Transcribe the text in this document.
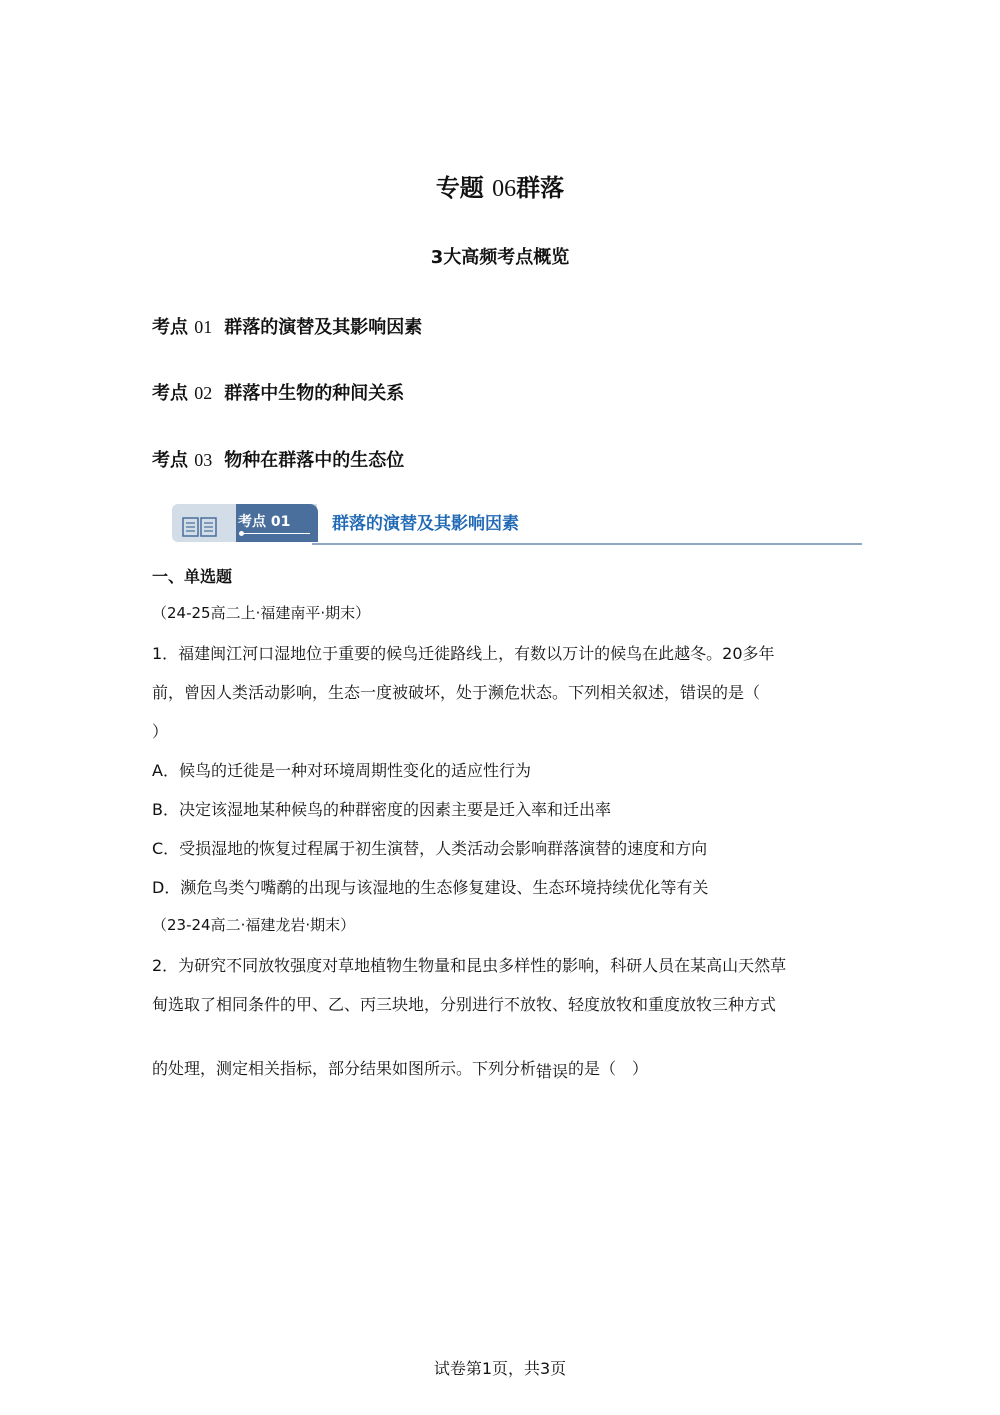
专题 06群落
3大高频考点概览
考点 01 群落的演替及其影响因素
考点 02 群落中生物的种间关系
考点 03 物种在群落中的生态位
考点 01 群落的演替及其影响因素
一、单选题
（24-25高二上·福建南平·期末）
1．福建闽江河口湿地位于重要的候鸟迁徙路线上，有数以万计的候鸟在此越冬。20多年
前，曾因人类活动影响，生态一度被破坏，处于濒危状态。下列相关叙述，错误的是（
）
A．候鸟的迁徙是一种对环境周期性变化的适应性行为
B．决定该湿地某种候鸟的种群密度的因素主要是迁入率和迁出率
C．受损湿地的恢复过程属于初生演替，人类活动会影响群落演替的速度和方向
D．濒危鸟类勺嘴鹬的出现与该湿地的生态修复建设、生态环境持续优化等有关
（23-24高二·福建龙岩·期末）
2．为研究不同放牧强度对草地植物生物量和昆虫多样性的影响，科研人员在某高山天然草
甸选取了相同条件的甲、乙、丙三块地，分别进行不放牧、轻度放牧和重度放牧三种方式
的处理，测定相关指标，部分结果如图所示。下列分析错误的是（　）
试卷第1页，共3页
